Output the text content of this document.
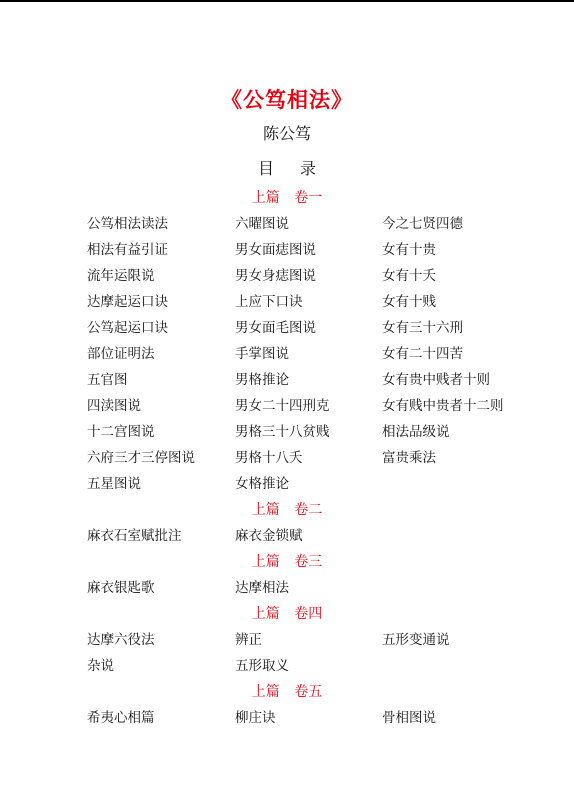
《公笃相法》
陈公笃
目录
上篇 卷一
公笃相法读法	六曜图说	今之七贤四德
相法有益引证	男女面痣图说	女有十贵
流年运限说	男女身痣图说	女有十夭
达摩起运口诀	上应下口诀	女有十贱
公笃起运口诀	男女面毛图说	女有三十六刑
部位证明法	手掌图说	女有二十四苦
五官图	男格推论	女有贵中贱者十则
四渎图说	男女二十四刑克	女有贱中贵者十二则
十二宫图说	男格三十八贫贱	相法品级说
六府三才三停图说	男格十八夭	富贵乘法
五星图说	女格推论
上篇 卷二
麻衣石室赋批注	麻衣金锁赋
上篇 卷三
麻衣银匙歌	达摩相法
上篇 卷四
达摩六役法	辨正	五形变通说
杂说	五形取义
上篇 卷五
希夷心相篇	柳庄诀	骨相图说
